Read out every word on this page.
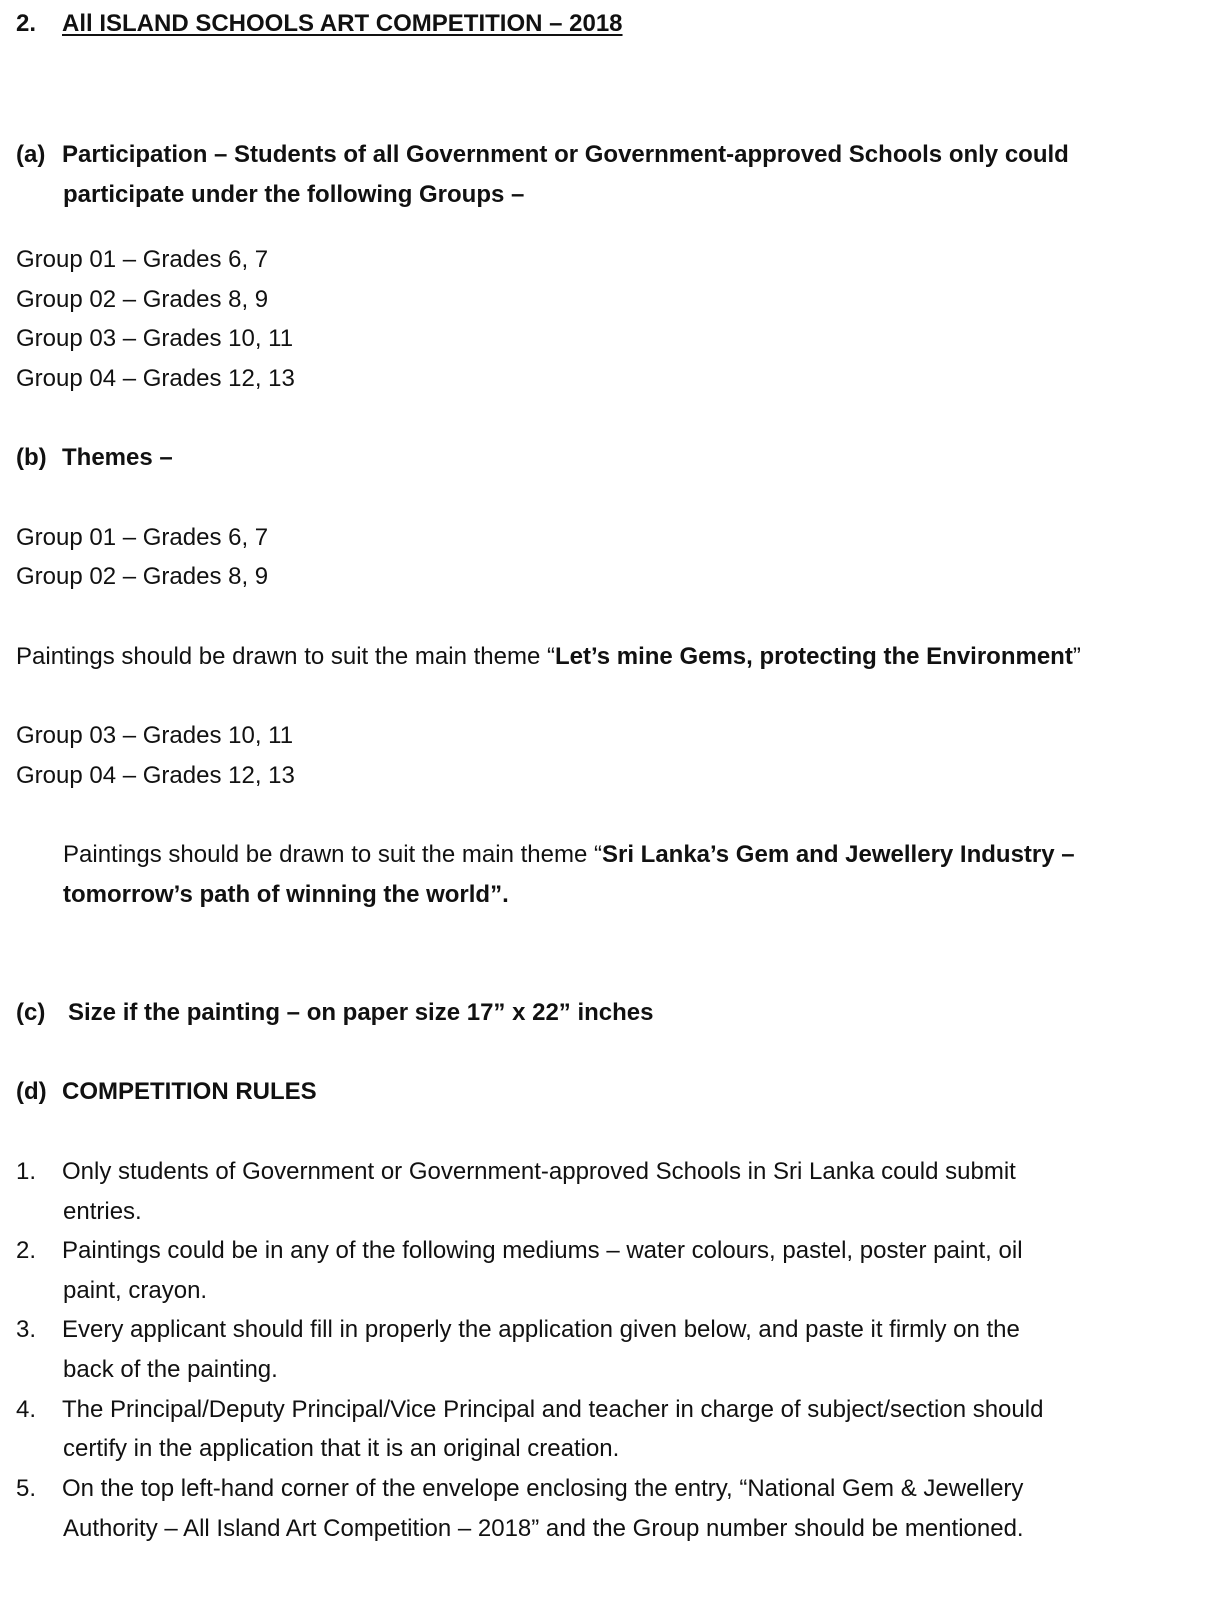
2. All ISLAND SCHOOLS ART COMPETITION – 2018
(a) Participation – Students of all Government or Government-approved Schools only could
participate under the following Groups –
Group 01 – Grades 6, 7
Group 02 – Grades 8, 9
Group 03 – Grades 10, 11
Group 04 – Grades 12, 13
(b) Themes –
Group 01 – Grades 6, 7
Group 02 – Grades 8, 9
Paintings should be drawn to suit the main theme “Let’s mine Gems, protecting the Environment”
Group 03 – Grades 10, 11
Group 04 – Grades 12, 13
Paintings should be drawn to suit the main theme “Sri Lanka’s Gem and Jewellery Industry –
tomorrow’s path of winning the world”.
(c) Size if the painting – on paper size 17” x 22” inches
(d) COMPETITION RULES
1. Only students of Government or Government-approved Schools in Sri Lanka could submit
entries.
2. Paintings could be in any of the following mediums – water colours, pastel, poster paint, oil
paint, crayon.
3. Every applicant should fill in properly the application given below, and paste it firmly on the
back of the painting.
4. The Principal/Deputy Principal/Vice Principal and teacher in charge of subject/section should
certify in the application that it is an original creation.
5. On the top left-hand corner of the envelope enclosing the entry, “National Gem & Jewellery
Authority – All Island Art Competition – 2018” and the Group number should be mentioned.
